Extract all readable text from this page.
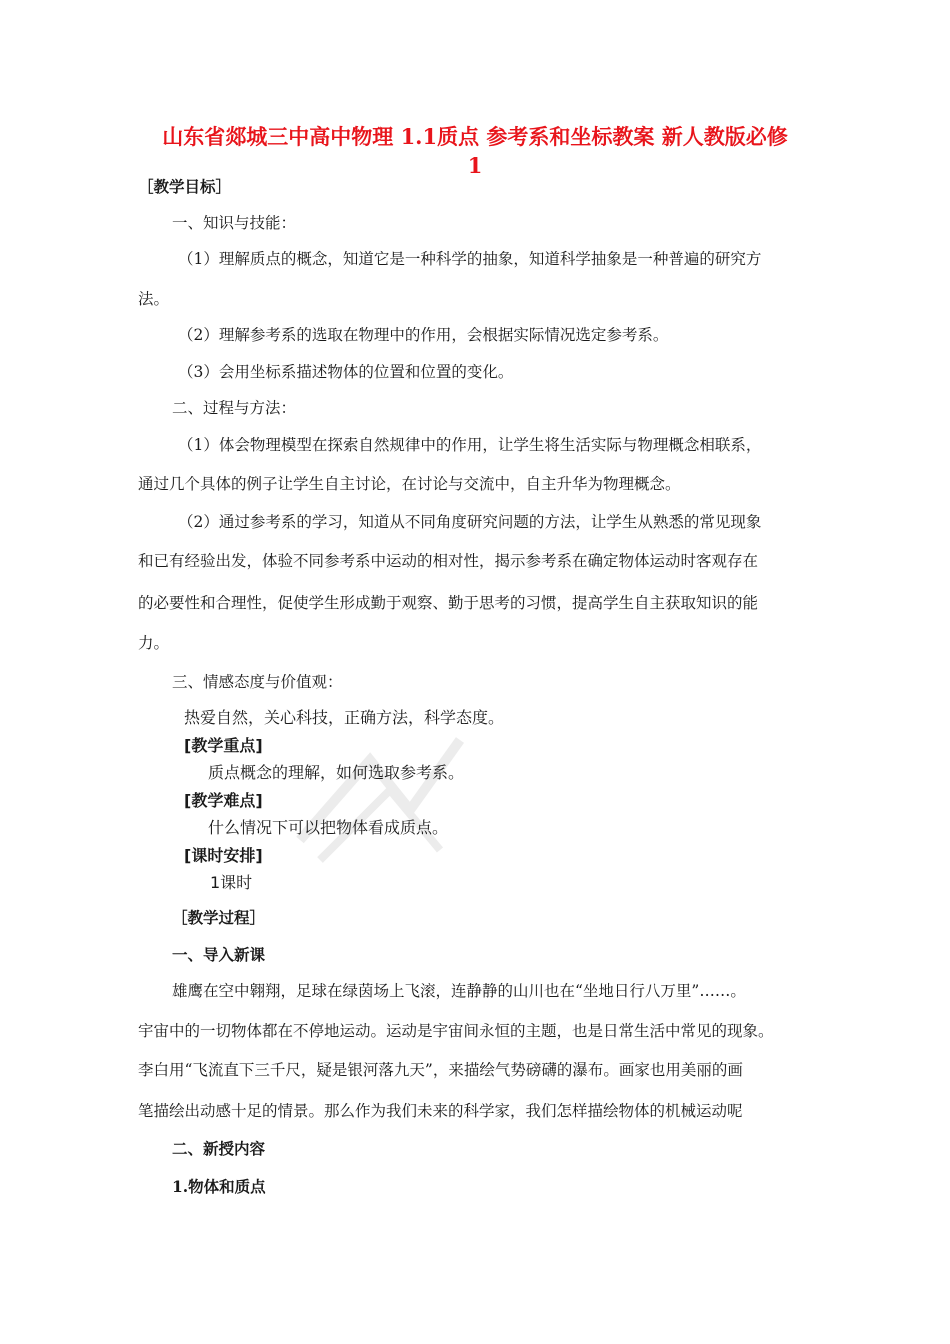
山东省郯城三中高中物理 1.1质点 参考系和坐标教案 新人教版必修
1
［教学目标］
一、知识与技能：
（1）理解质点的概念，知道它是一种科学的抽象，知道科学抽象是一种普遍的研究方
法。
（2）理解参考系的选取在物理中的作用，会根据实际情况选定参考系。
（3）会用坐标系描述物体的位置和位置的变化。
二、过程与方法：
（1）体会物理模型在探索自然规律中的作用，让学生将生活实际与物理概念相联系，
通过几个具体的例子让学生自主讨论，在讨论与交流中，自主升华为物理概念。
（2）通过参考系的学习，知道从不同角度研究问题的方法，让学生从熟悉的常见现象
和已有经验出发，体验不同参考系中运动的相对性，揭示参考系在确定物体运动时客观存在
的必要性和合理性，促使学生形成勤于观察、勤于思考的习惯，提高学生自主获取知识的能
力。
三、情感态度与价值观：
热爱自然，关心科技，正确方法，科学态度。
[教学重点]
质点概念的理解，如何选取参考系。
[教学难点]
什么情况下可以把物体看成质点。
[课时安排]
1课时
［教学过程］
一、导入新课
雄鹰在空中翱翔，足球在绿茵场上飞滚，连静静的山川也在“坐地日行八万里”……。
宇宙中的一切物体都在不停地运动。运动是宇宙间永恒的主题，也是日常生活中常见的现象。
李白用“飞流直下三千尺，疑是银河落九天”，来描绘气势磅礴的瀑布。画家也用美丽的画
笔描绘出动感十足的情景。那么作为我们未来的科学家，我们怎样描绘物体的机械运动呢
二、新授内容
1.物体和质点
